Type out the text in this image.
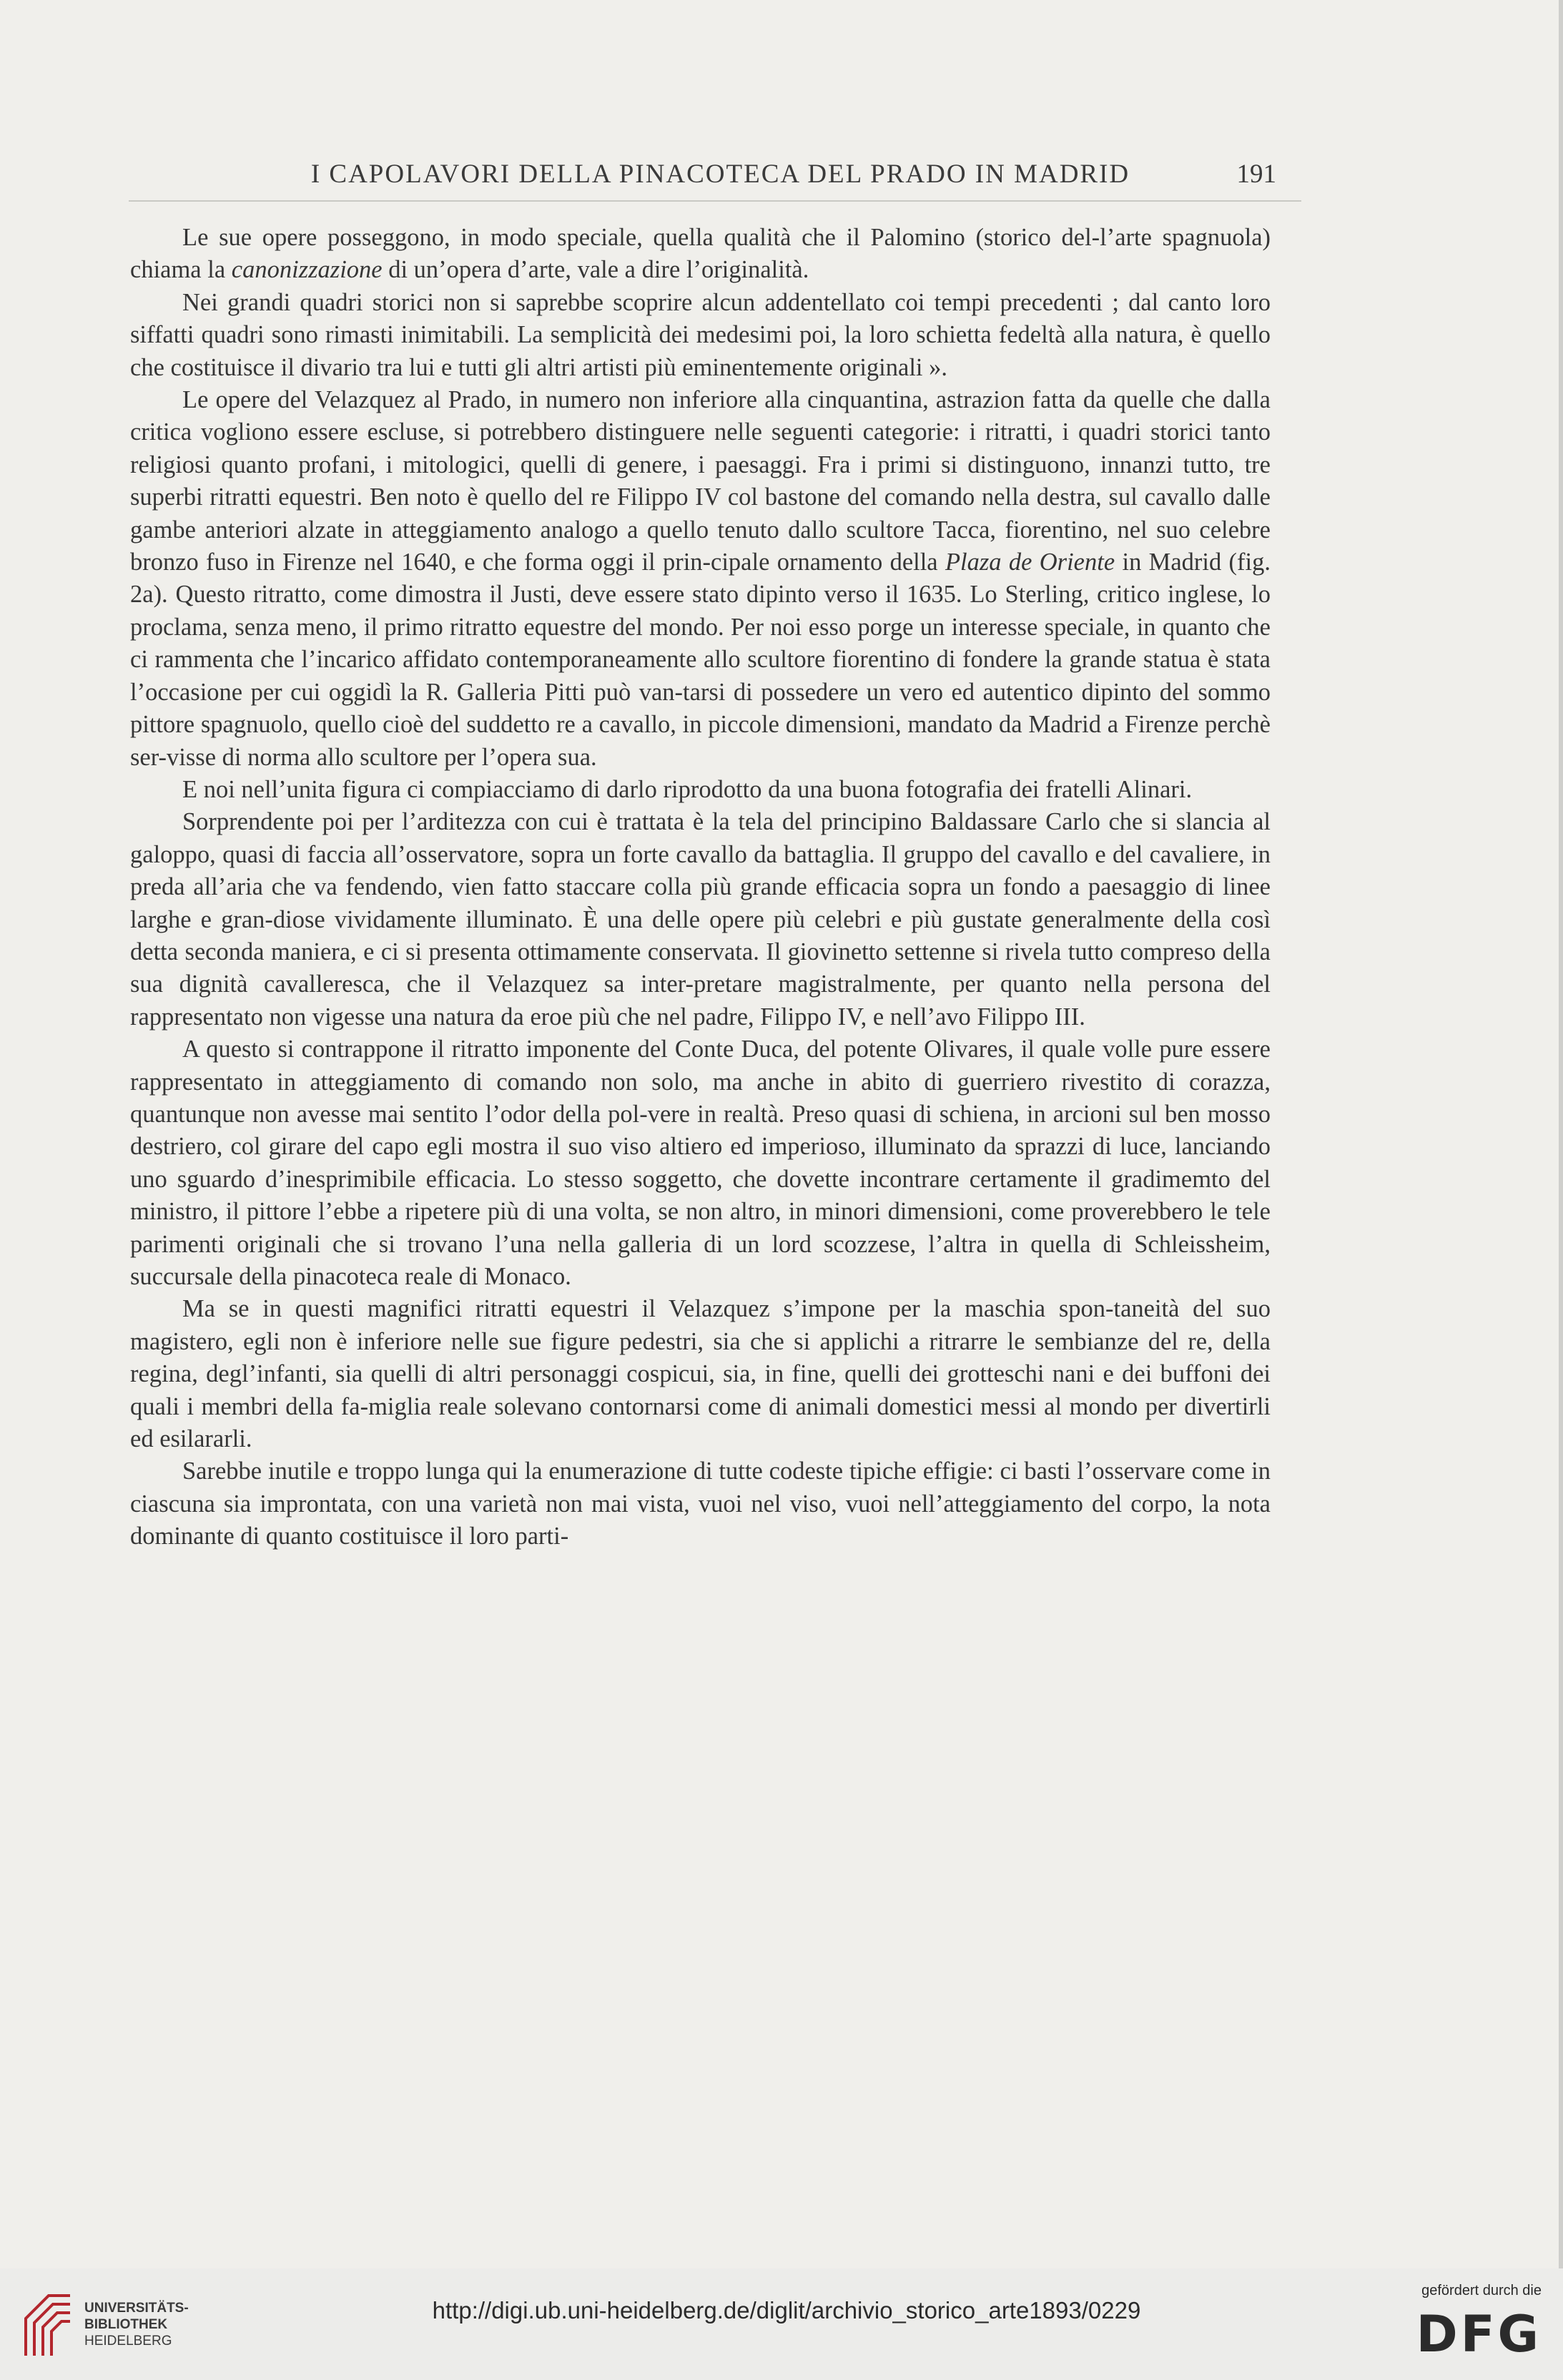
I CAPOLAVORI DELLA PINACOTECA DEL PRADO IN MADRID	191

Le sue opere posseggono, in modo speciale, quella qualità che il Palomino (storico del-l’arte spagnuola) chiama la canonizzazione di un’opera d’arte, vale a dire l’originalità.

Nei grandi quadri storici non si saprebbe scoprire alcun addentellato coi tempi precedenti ; dal canto loro siffatti quadri sono rimasti inimitabili. La semplicità dei medesimi poi, la loro schietta fedeltà alla natura, è quello che costituisce il divario tra lui e tutti gli altri artisti più eminentemente originali ».

Le opere del Velazquez al Prado, in numero non inferiore alla cinquantina, astrazion fatta da quelle che dalla critica vogliono essere escluse, si potrebbero distinguere nelle seguenti categorie: i ritratti, i quadri storici tanto religiosi quanto profani, i mitologici, quelli di genere, i paesaggi. Fra i primi si distinguono, innanzi tutto, tre superbi ritratti equestri. Ben noto è quello del re Filippo IV col bastone del comando nella destra, sul cavallo dalle gambe anteriori alzate in atteggiamento analogo a quello tenuto dallo scultore Tacca, fiorentino, nel suo celebre bronzo fuso in Firenze nel 1640, e che forma oggi il prin-cipale ornamento della Plaza de Oriente in Madrid (fig. 2a). Questo ritratto, come dimostra il Justi, deve essere stato dipinto verso il 1635. Lo Sterling, critico inglese, lo proclama, senza meno, il primo ritratto equestre del mondo. Per noi esso porge un interesse speciale, in quanto che ci rammenta che l’incarico affidato contemporaneamente allo scultore fiorentino di fondere la grande statua è stata l’occasione per cui oggidì la R. Galleria Pitti può van-tarsi di possedere un vero ed autentico dipinto del sommo pittore spagnuolo, quello cioè del suddetto re a cavallo, in piccole dimensioni, mandato da Madrid a Firenze perchè ser-visse di norma allo scultore per l’opera sua.

E noi nell’unita figura ci compiacciamo di darlo riprodotto da una buona fotografia dei fratelli Alinari.

Sorprendente poi per l’arditezza con cui è trattata è la tela del principino Baldassare Carlo che si slancia al galoppo, quasi di faccia all’osservatore, sopra un forte cavallo da battaglia. Il gruppo del cavallo e del cavaliere, in preda all’aria che va fendendo, vien fatto staccare colla più grande efficacia sopra un fondo a paesaggio di linee larghe e gran-diose vividamente illuminato. È una delle opere più celebri e più gustate generalmente della così detta seconda maniera, e ci si presenta ottimamente conservata. Il giovinetto settenne si rivela tutto compreso della sua dignità cavalleresca, che il Velazquez sa inter-pretare magistralmente, per quanto nella persona del rappresentato non vigesse una natura da eroe più che nel padre, Filippo IV, e nell’avo Filippo III.

A questo si contrappone il ritratto imponente del Conte Duca, del potente Olivares, il quale volle pure essere rappresentato in atteggiamento di comando non solo, ma anche in abito di guerriero rivestito di corazza, quantunque non avesse mai sentito l’odor della pol-vere in realtà. Preso quasi di schiena, in arcioni sul ben mosso destriero, col girare del capo egli mostra il suo viso altiero ed imperioso, illuminato da sprazzi di luce, lanciando uno sguardo d’inesprimibile efficacia. Lo stesso soggetto, che dovette incontrare certamente il gradimemto del ministro, il pittore l’ebbe a ripetere più di una volta, se non altro, in minori dimensioni, come proverebbero le tele parimenti originali che si trovano l’una nella galleria di un lord scozzese, l’altra in quella di Schleissheim, succursale della pinacoteca reale di Monaco.

Ma se in questi magnifici ritratti equestri il Velazquez s’impone per la maschia spon-taneità del suo magistero, egli non è inferiore nelle sue figure pedestri, sia che si applichi a ritrarre le sembianze del re, della regina, degl’infanti, sia quelli di altri personaggi cospicui, sia, in fine, quelli dei grotteschi nani e dei buffoni dei quali i membri della fa-miglia reale solevano contornarsi come di animali domestici messi al mondo per divertirli ed esilararli.

Sarebbe inutile e troppo lunga qui la enumerazione di tutte codeste tipiche effigie: ci basti l’osservare come in ciascuna sia improntata, con una varietà non mai vista, vuoi nel viso, vuoi nell’atteggiamento del corpo, la nota dominante di quanto costituisce il loro parti-

UNIVERSITÄTS-
BIBLIOTHEK
HEIDELBERG
http://digi.ub.uni-heidelberg.de/diglit/archivio_storico_arte1893/0229
gefördert durch die
DFG
